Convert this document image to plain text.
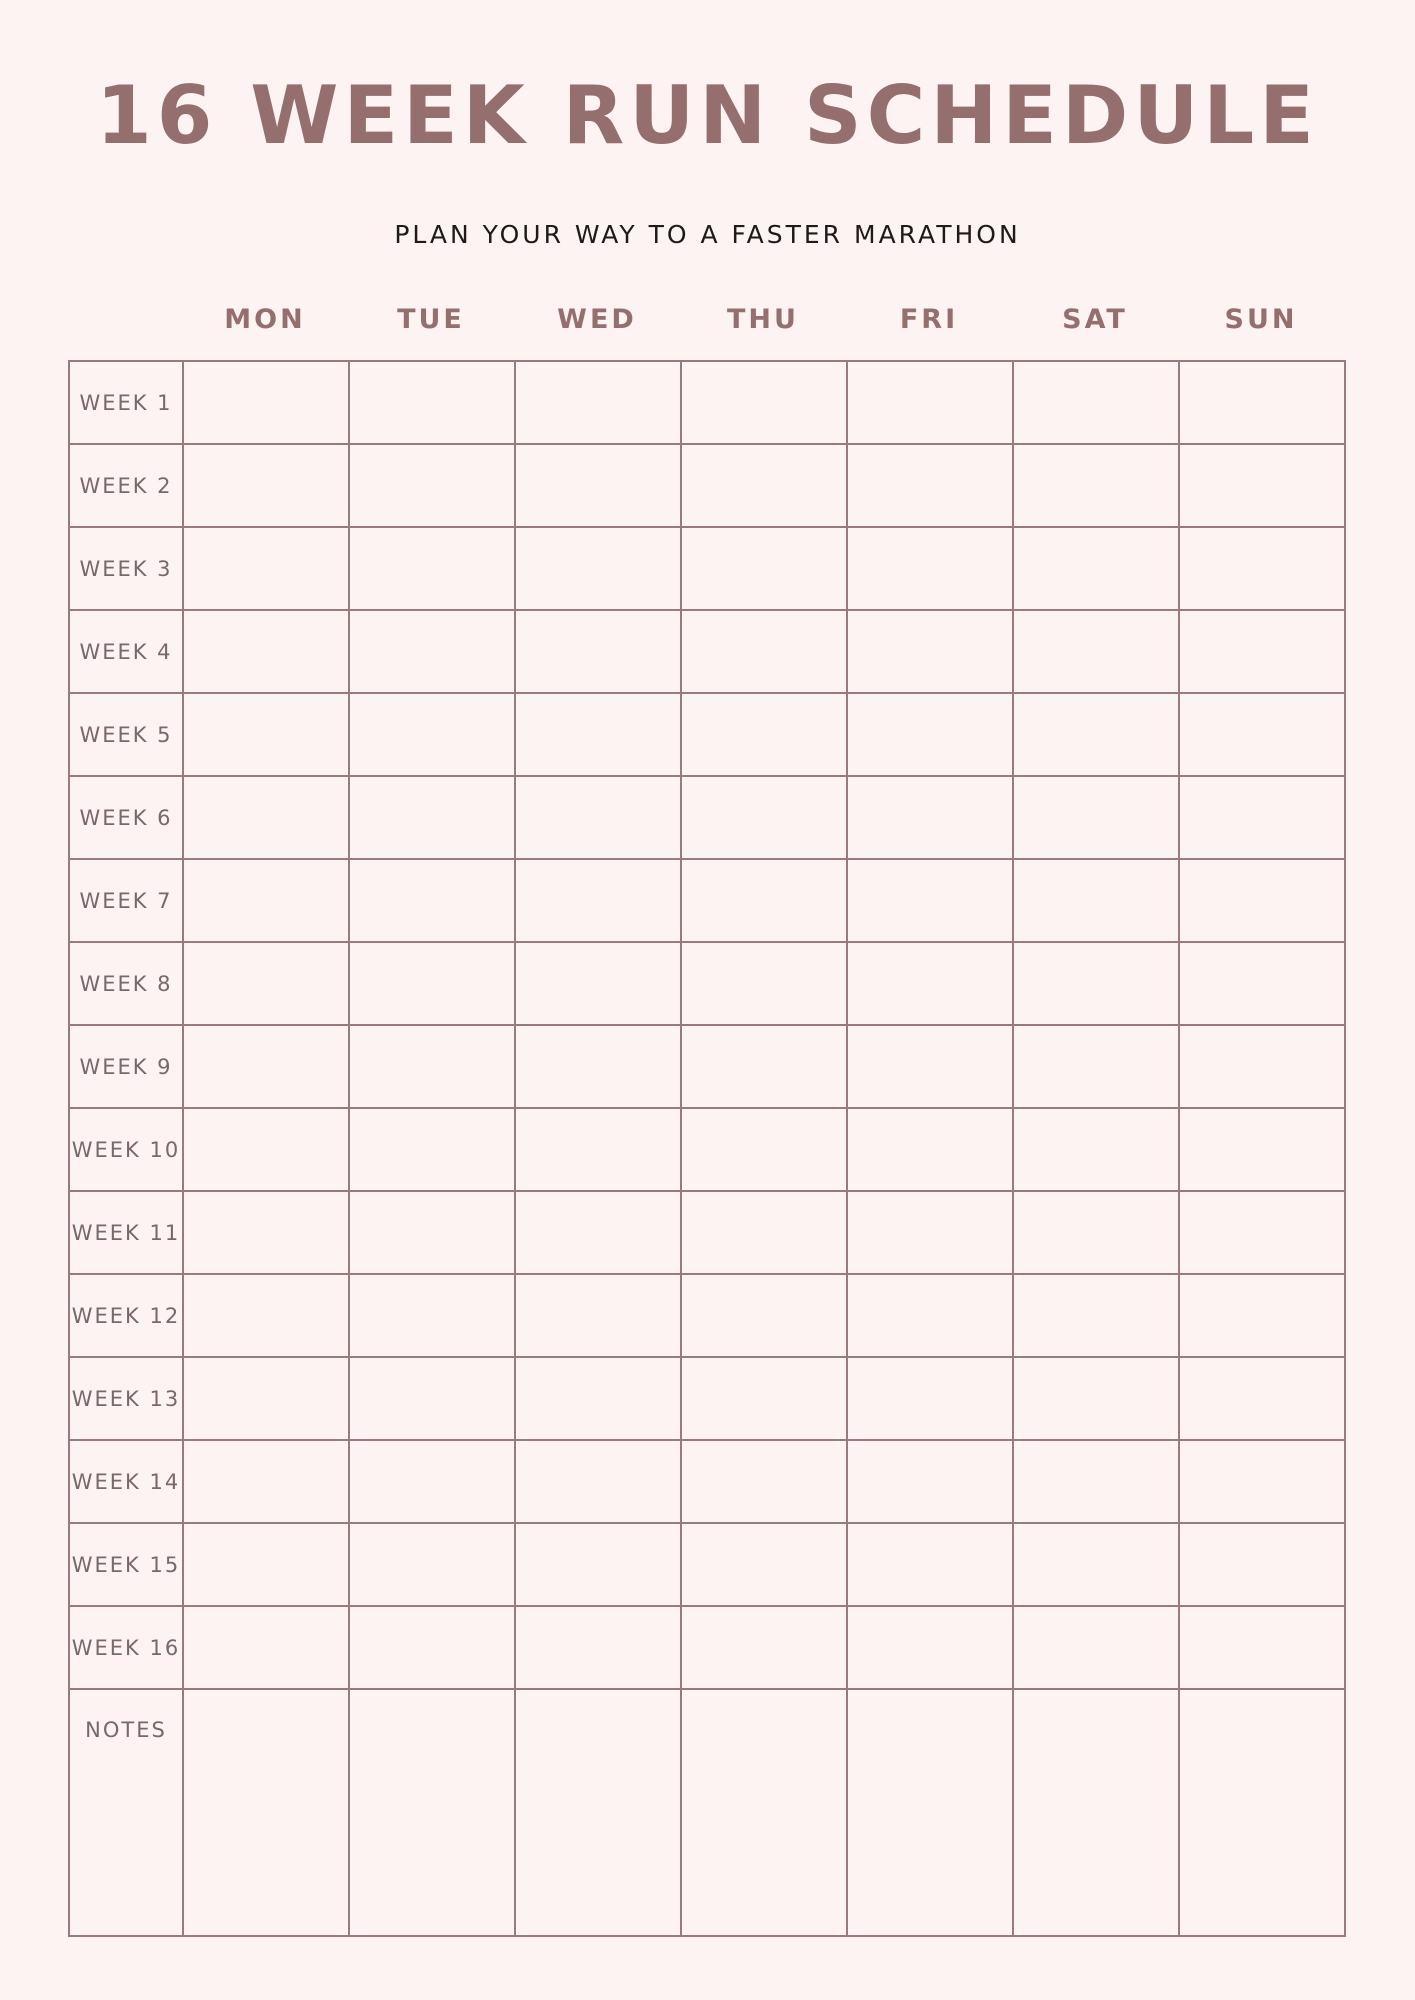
16 WEEK RUN SCHEDULE
PLAN YOUR WAY TO A FASTER MARATHON
MON	TUE	WED	THU	FRI	SAT	SUN
WEEK 1							
WEEK 2							
WEEK 3							
WEEK 4							
WEEK 5							
WEEK 6							
WEEK 7							
WEEK 8							
WEEK 9							
WEEK 10							
WEEK 11							
WEEK 12							
WEEK 13							
WEEK 14							
WEEK 15							
WEEK 16							
NOTES							
